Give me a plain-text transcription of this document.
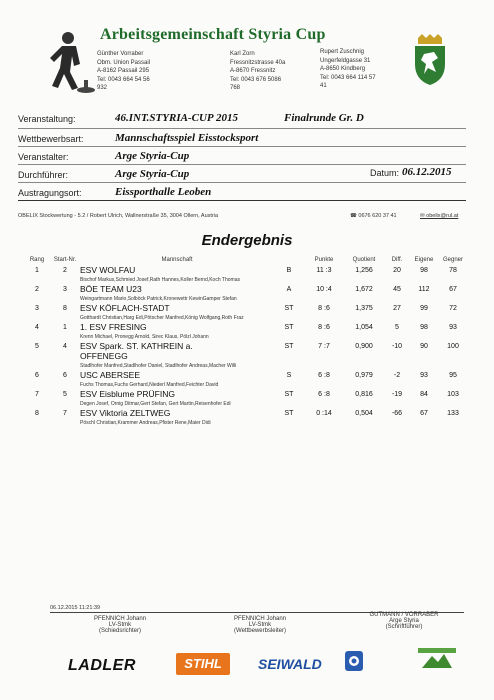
Arbeitsgemeinschaft Styria Cup
Günther Vorraber
Obm. Union Passail
A-8162 Passail 295
Tel: 0043 664 54 56
932
Karl Zorn
Fressnitzstrasse 40a
A-8670 Fressnitz
Tel: 0043 676 5086
768
Rupert Zuschnig
Ungerfeldgasse 31
A-8650 Kindberg
Tel: 0043 664 114 57
41
Veranstaltung:	46.INT.STYRIA-CUP 2015	Finalrunde Gr. D
Wettbewerbsart:	Mannschaftsspiel Eisstocksport
Veranstalter:	Arge Styria-Cup
Durchführer:	Arge Styria-Cup
Austragungsort:	Eissporthalle Leoben
Datum: 06.12.2015
OBELIX Stockwertung - 5.2 / Robert Ulrich, Wallnerstraße 35, 3004 Ollern, Austria	☎ 0676 620 37 41	✉ obelix@rul.at
Endergebnis
Rang	Start-Nr.	Mannschaft		Punkte	Quotient	Diff.	Eigene	Gegner
1	2	ESV WOLFAU	B	11 :3	1,256	20	98	78
		Bischof Markus,Schmied Josef,Rath Hannes,Koller Bernd,Koch Thomas						
2	3	BÖE TEAM U23	A	10 :4	1,672	45	112	67
		Weingartmann Mario,Solböck Patrick,Kronewettr KewinGamper Stefan						
3	8	ESV KÖFLACH-STADT	ST	8 :6	1,375	27	99	72
		Gotthardt Christian,Harg Edi,Pötscher Manfred,König Wolfgang,Roth Fraz						
4	1	1. ESV FRESING	ST	8 :6	1,054	5	98	93
		Krenn Michael, Pronegg Arnold, Sirec Klaus, Pölzl Johann						
5	4	ESV Spark. ST. KATHREIN a.	ST	7 :7	0,900	-10	90	100
		OFFENEGG						
		Stadlhofer Manfred,Stadlhofer Daniel, Stadlhofer Andreas,Macher Willi						
6	6	USC ABERSEE	S	6 :8	0,979	-2	93	95
		Fuchs Thomas,Fuchs Gerhard,Niederl Manfred,Feichter David						
7	5	ESV Eisblume PRÜFING	ST	6 :8	0,816	-19	84	103
		Degen Josef, Ornig Ditmar,Gert Stefan, Gert Martin,Reisenhofer Edi						
8	7	ESV Viktoria ZELTWEG	ST	0 :14	0,504	-66	67	133
		Pöschl Christian,Krammer Andreas,Pfister Rene,Maier Didi						
06.12.2015 11:21:39
PFENNICH Johann
LV-Stmk
(Schiedsrichter)
PFENNICH Johann
LV-Stmk
(Wettbewerbsleiter)
GUTMANN / VORRABER
Arge Styria
(Schriftführer)
LADLER	STIHL	SEIWALD
